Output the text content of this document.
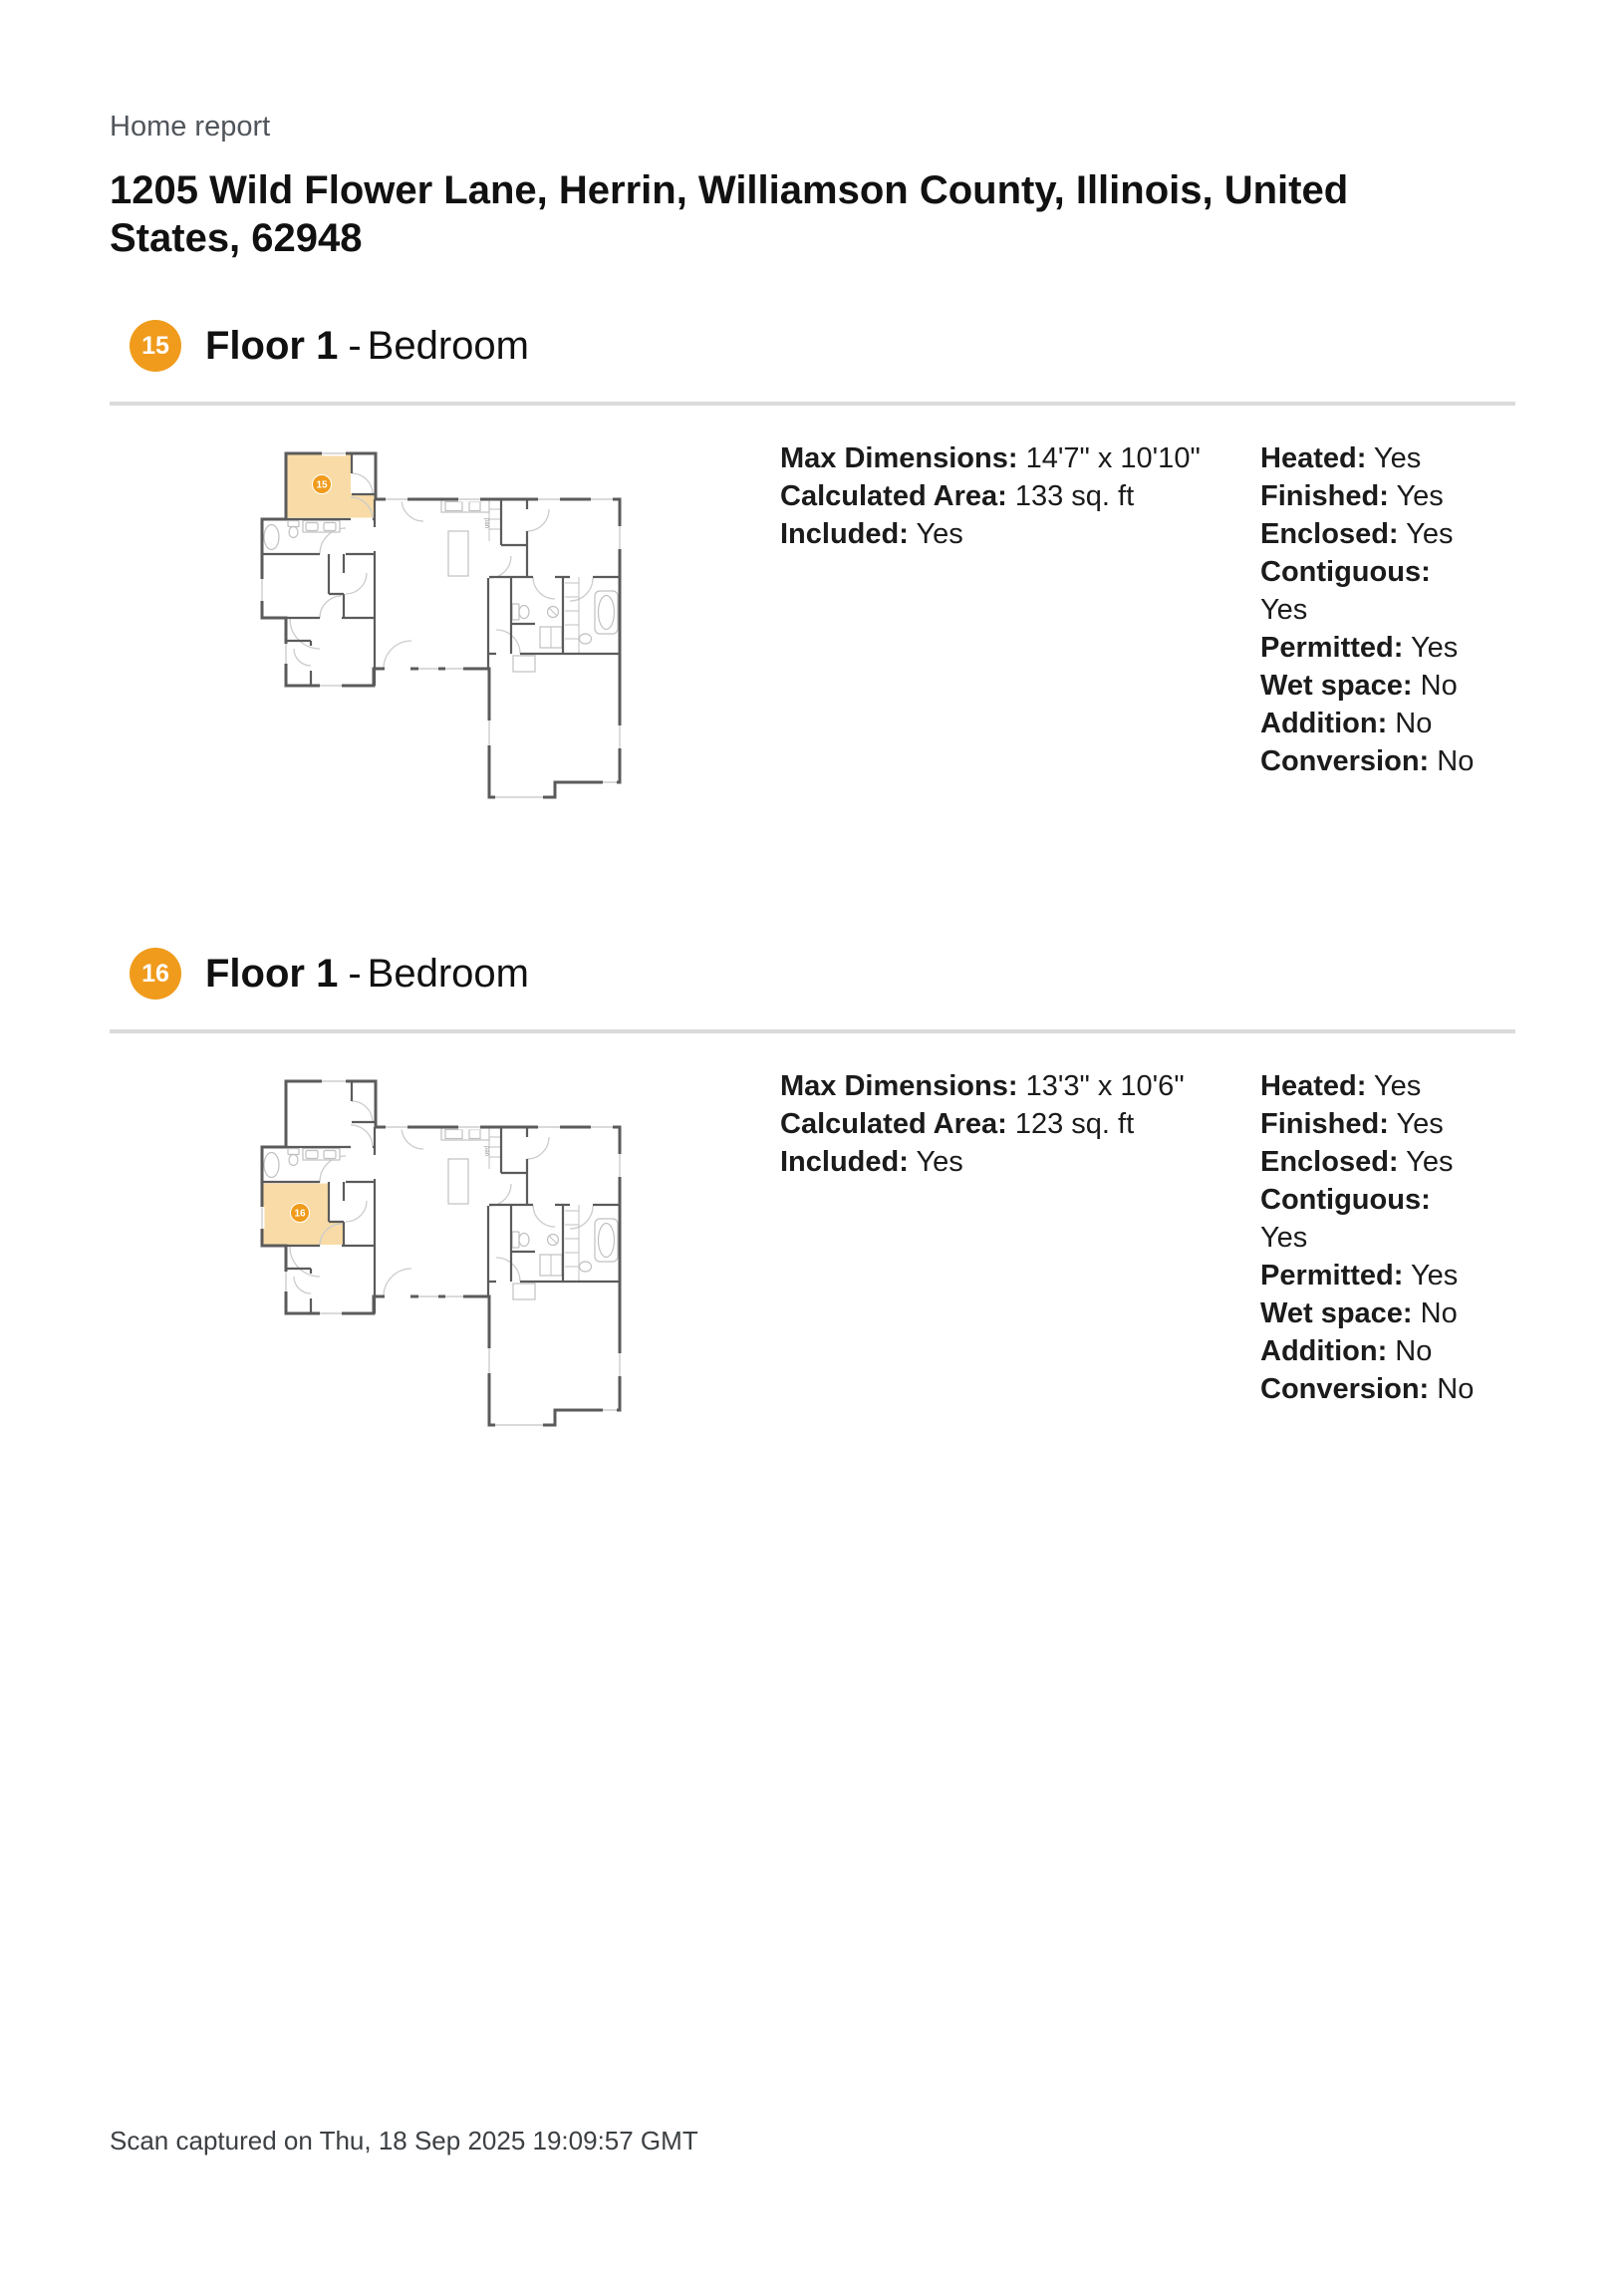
Home report

1205 Wild Flower Lane, Herrin, Williamson County, Illinois, United States, 62948
15 Floor 1 - Bedroom
15
Max Dimensions: 14'7" x 10'10"
Calculated Area: 133 sq. ft
Included: Yes
Heated: Yes
Finished: Yes
Enclosed: Yes
Contiguous: Yes
Permitted: Yes
Wet space: No
Addition: No
Conversion: No
16 Floor 1 - Bedroom
16
Max Dimensions: 13'3" x 10'6"
Calculated Area: 123 sq. ft
Included: Yes
Heated: Yes
Finished: Yes
Enclosed: Yes
Contiguous: Yes
Permitted: Yes
Wet space: No
Addition: No
Conversion: No
Scan captured on Thu, 18 Sep 2025 19:09:57 GMT
